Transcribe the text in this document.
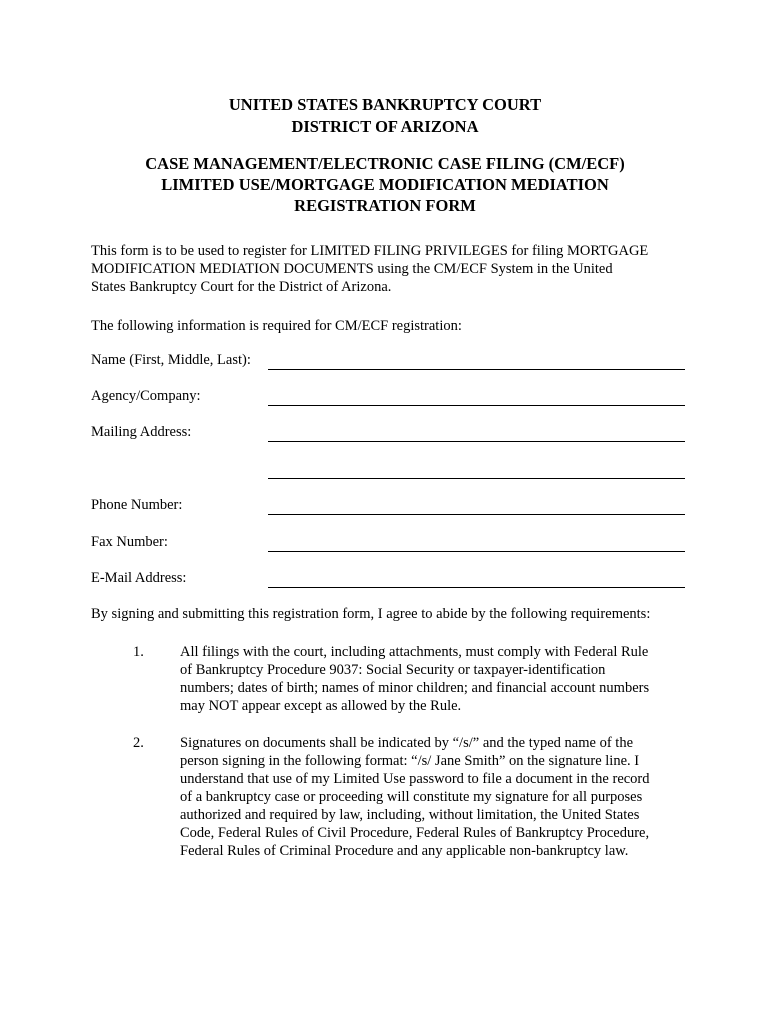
UNITED STATES BANKRUPTCY COURT
DISTRICT OF ARIZONA
CASE MANAGEMENT/ELECTRONIC CASE FILING (CM/ECF)
LIMITED USE/MORTGAGE MODIFICATION MEDIATION
REGISTRATION FORM

This form is to be used to register for LIMITED FILING PRIVILEGES for filing MORTGAGE
MODIFICATION MEDIATION DOCUMENTS using the CM/ECF System in the United
States Bankruptcy Court for the District of Arizona.

The following information is required for CM/ECF registration:

Name (First, Middle, Last):
Agency/Company:
Mailing Address:
Phone Number:
Fax Number:
E-Mail Address:

By signing and submitting this registration form, I agree to abide by the following requirements:

1. All filings with the court, including attachments, must comply with Federal Rule
of Bankruptcy Procedure 9037: Social Security or taxpayer-identification
numbers; dates of birth; names of minor children; and financial account numbers
may NOT appear except as allowed by the Rule.

2. Signatures on documents shall be indicated by “/s/” and the typed name of the
person signing in the following format: “/s/ Jane Smith” on the signature line. I
understand that use of my Limited Use password to file a document in the record
of a bankruptcy case or proceeding will constitute my signature for all purposes
authorized and required by law, including, without limitation, the United States
Code, Federal Rules of Civil Procedure, Federal Rules of Bankruptcy Procedure,
Federal Rules of Criminal Procedure and any applicable non-bankruptcy law.
